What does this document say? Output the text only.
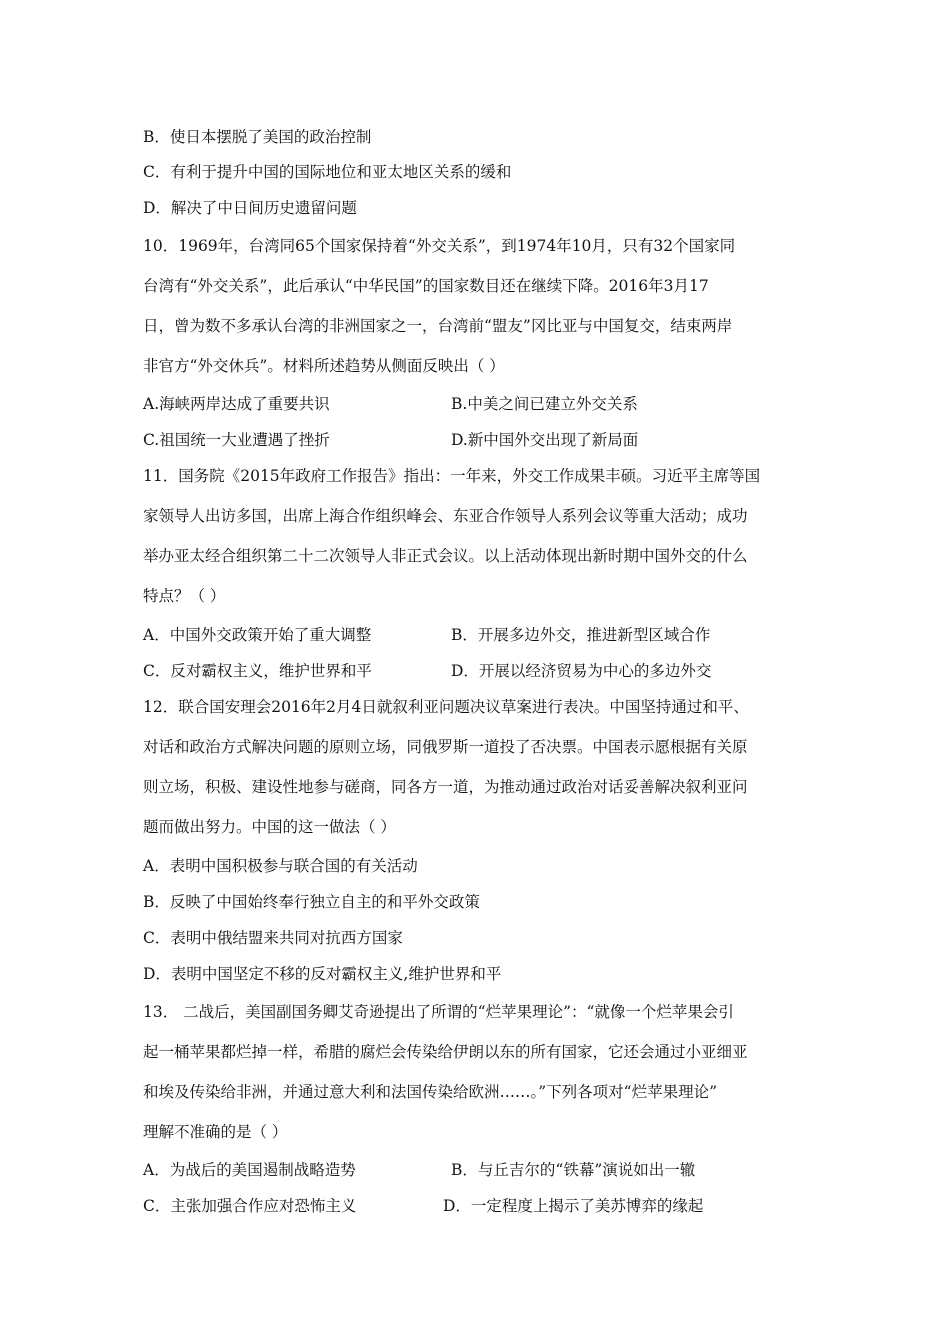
B．使日本摆脱了美国的政治控制
C．有利于提升中国的国际地位和亚太地区关系的缓和
D．解决了中日间历史遗留问题
10．1969年，台湾同65个国家保持着“外交关系”，到1974年10月，只有32个国家同
台湾有“外交关系”，此后承认“中华民国”的国家数目还在继续下降。2016年3月17
日，曾为数不多承认台湾的非洲国家之一，台湾前“盟友”冈比亚与中国复交，结束两岸
非官方“外交休兵”。材料所述趋势从侧面反映出（ ）
A.海峡两岸达成了重要共识	B.中美之间已建立外交关系
C.祖国统一大业遭遇了挫折	D.新中国外交出现了新局面
11．国务院《2015年政府工作报告》指出：一年来，外交工作成果丰硕。习近平主席等国
家领导人出访多国，出席上海合作组织峰会、东亚合作领导人系列会议等重大活动；成功
举办亚太经合组织第二十二次领导人非正式会议。以上活动体现出新时期中国外交的什么
特点？（ ）
A．中国外交政策开始了重大调整	B．开展多边外交，推进新型区域合作
C．反对霸权主义，维护世界和平	D．开展以经济贸易为中心的多边外交
12．联合国安理会2016年2月4日就叙利亚问题决议草案进行表决。中国坚持通过和平、
对话和政治方式解决问题的原则立场，同俄罗斯一道投了否决票。中国表示愿根据有关原
则立场，积极、建设性地参与磋商，同各方一道，为推动通过政治对话妥善解决叙利亚问
题而做出努力。中国的这一做法（ ）
A．表明中国积极参与联合国的有关活动
B．反映了中国始终奉行独立自主的和平外交政策
C．表明中俄结盟来共同对抗西方国家
D．表明中国坚定不移的反对霸权主义,维护世界和平
13． 二战后，美国副国务卿艾奇逊提出了所谓的“烂苹果理论”：“就像一个烂苹果会引
起一桶苹果都烂掉一样，希腊的腐烂会传染给伊朗以东的所有国家，它还会通过小亚细亚
和埃及传染给非洲，并通过意大利和法国传染给欧洲……。”下列各项对“烂苹果理论”
理解不准确的是（ ）
A．为战后的美国遏制战略造势	B．与丘吉尔的“铁幕”演说如出一辙
C．主张加强合作应对恐怖主义	D．一定程度上揭示了美苏博弈的缘起
